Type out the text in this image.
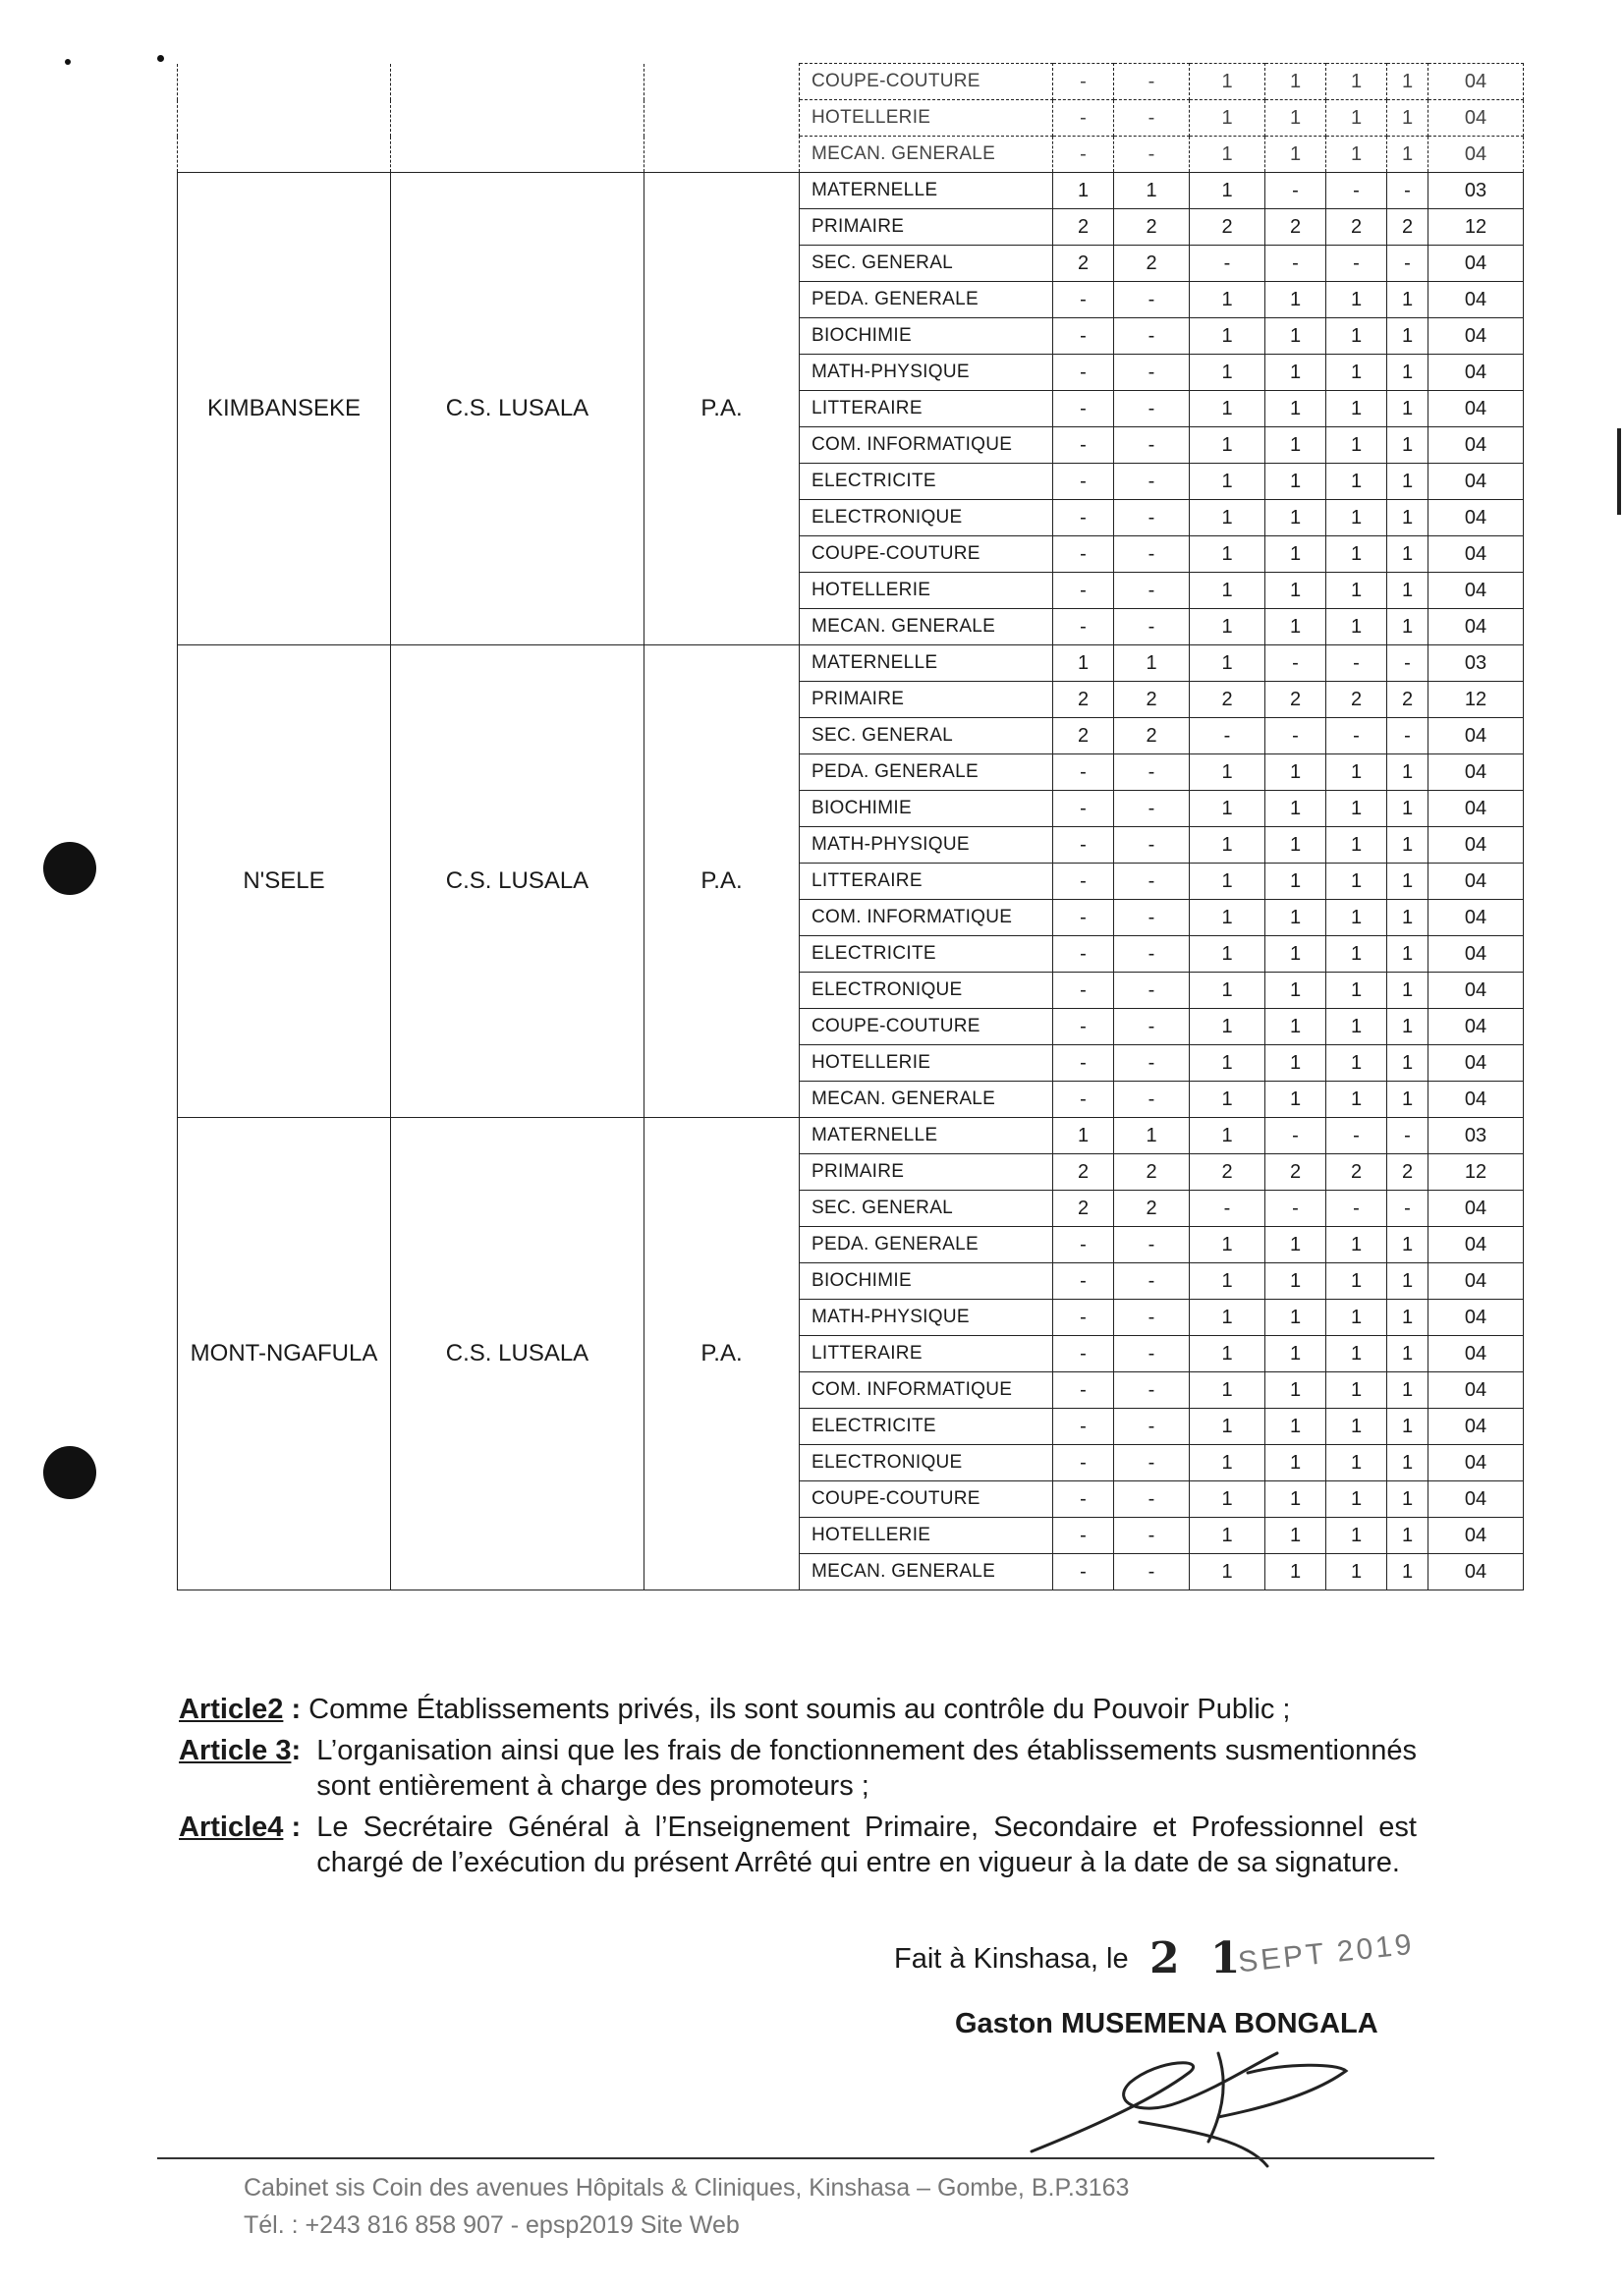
			COUPE-COUTURE	-	-	1	1	1	1	04
			HOTELLERIE	-	-	1	1	1	1	04
			MECAN. GENERALE	-	-	1	1	1	1	04
KIMBANSEKE	C.S. LUSALA	P.A.	MATERNELLE	1	1	1	-	-	-	03
			PRIMAIRE	2	2	2	2	2	2	12
			SEC. GENERAL	2	2	-	-	-	-	04
			PEDA. GENERALE	-	-	1	1	1	1	04
			BIOCHIMIE	-	-	1	1	1	1	04
			MATH-PHYSIQUE	-	-	1	1	1	1	04
			LITTERAIRE	-	-	1	1	1	1	04
			COM. INFORMATIQUE	-	-	1	1	1	1	04
			ELECTRICITE	-	-	1	1	1	1	04
			ELECTRONIQUE	-	-	1	1	1	1	04
			COUPE-COUTURE	-	-	1	1	1	1	04
			HOTELLERIE	-	-	1	1	1	1	04
			MECAN. GENERALE	-	-	1	1	1	1	04
N'SELE	C.S. LUSALA	P.A.	MATERNELLE	1	1	1	-	-	-	03
			PRIMAIRE	2	2	2	2	2	2	12
			SEC. GENERAL	2	2	-	-	-	-	04
			PEDA. GENERALE	-	-	1	1	1	1	04
			BIOCHIMIE	-	-	1	1	1	1	04
			MATH-PHYSIQUE	-	-	1	1	1	1	04
			LITTERAIRE	-	-	1	1	1	1	04
			COM. INFORMATIQUE	-	-	1	1	1	1	04
			ELECTRICITE	-	-	1	1	1	1	04
			ELECTRONIQUE	-	-	1	1	1	1	04
			COUPE-COUTURE	-	-	1	1	1	1	04
			HOTELLERIE	-	-	1	1	1	1	04
			MECAN. GENERALE	-	-	1	1	1	1	04
MONT-NGAFULA	C.S. LUSALA	P.A.	MATERNELLE	1	1	1	-	-	-	03
			PRIMAIRE	2	2	2	2	2	2	12
			SEC. GENERAL	2	2	-	-	-	-	04
			PEDA. GENERALE	-	-	1	1	1	1	04
			BIOCHIMIE	-	-	1	1	1	1	04
			MATH-PHYSIQUE	-	-	1	1	1	1	04
			LITTERAIRE	-	-	1	1	1	1	04
			COM. INFORMATIQUE	-	-	1	1	1	1	04
			ELECTRICITE	-	-	1	1	1	1	04
			ELECTRONIQUE	-	-	1	1	1	1	04
			COUPE-COUTURE	-	-	1	1	1	1	04
			HOTELLERIE	-	-	1	1	1	1	04
			MECAN. GENERALE	-	-	1	1	1	1	04
Article2 : Comme Établissements privés, ils sont soumis au contrôle du Pouvoir Public ;
Article 3 : L’organisation ainsi que les frais de fonctionnement des établissements susmentionnés sont entièrement à charge des promoteurs ;
Article4 : Le Secrétaire Général à l’Enseignement Primaire, Secondaire et Professionnel est chargé de l’exécution du présent Arrêté qui entre en vigueur à la date de sa signature.
Fait à Kinshasa, le 2 1
SEPT 2019
Gaston MUSEMENA BONGALA
Cabinet sis Coin des avenues Hôpitals & Cliniques, Kinshasa – Gombe, B.P.3163
Tél. : +243 816 858 907 - epsp2019 Site Web
